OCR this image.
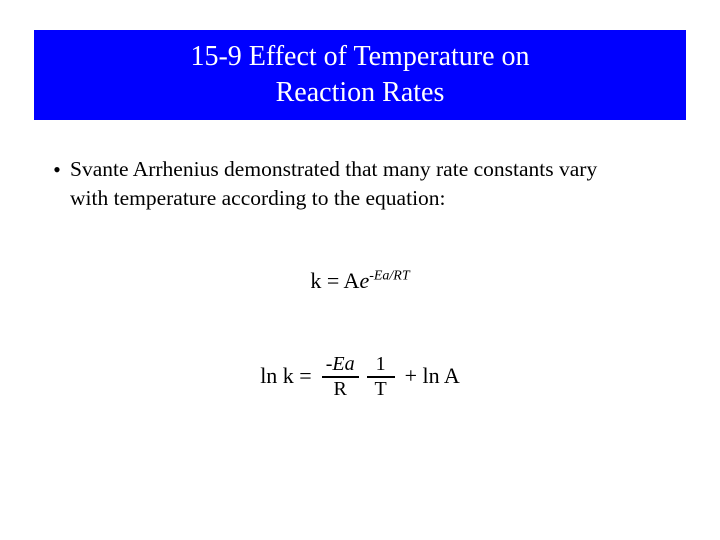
15-9 Effect of Temperature on
Reaction Rates
• Svante Arrhenius demonstrated that many rate constants vary with temperature according to the equation:
$k = Ae^{-Ea/RT}$
$\ln k = \frac{-Ea}{R} \frac{1}{T} + \ln A$
